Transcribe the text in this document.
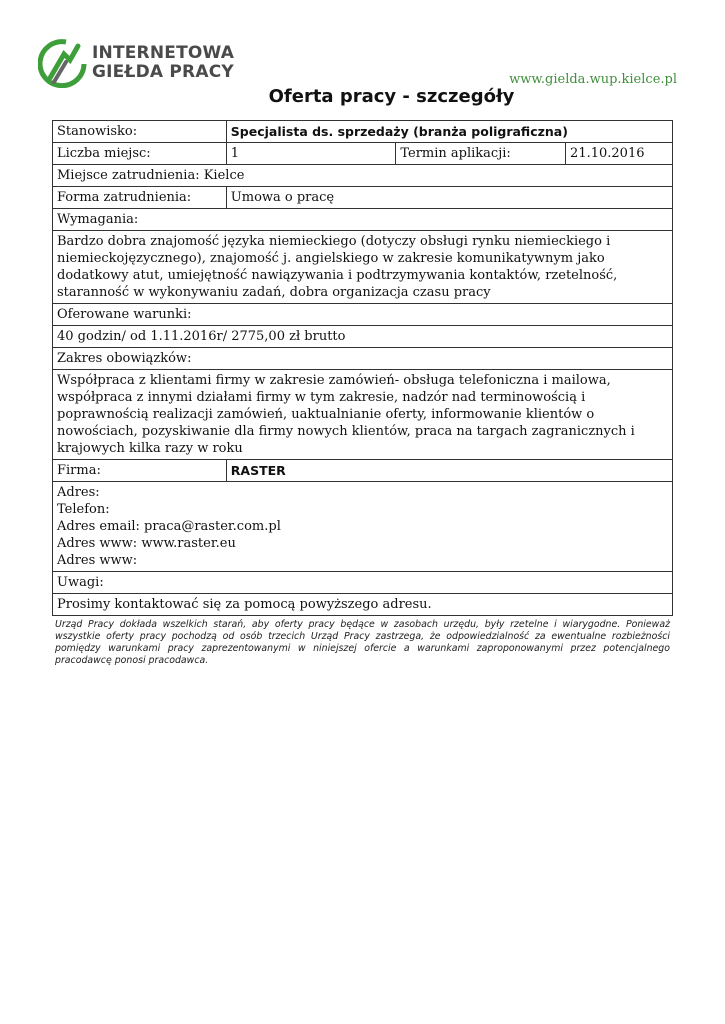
INTERNETOWA
GIEŁDA PRACY	www.gielda.wup.kielce.pl
Oferta pracy - szczegóły
Stanowisko:	Specjalista ds. sprzedaży (branża poligraficzna)		
Liczba miejsc:	1	Termin aplikacji:	21.10.2016
Miejsce zatrudnienia: Kielce			
Forma zatrudnienia:	Umowa o pracę		
Wymagania:			
Bardzo dobra znajomość języka niemieckiego (dotyczy obsługi rynku niemieckiego i niemieckojęzycznego), znajomość j. angielskiego w zakresie komunikatywnym jako dodatkowy atut, umiejętność nawiązywania i podtrzymywania kontaktów, rzetelność, staranność w wykonywaniu zadań, dobra organizacja czasu pracy			
Oferowane warunki:			
40 godzin/ od 1.11.2016r/ 2775,00 zł brutto			
Zakres obowiązków:			
Współpraca z klientami firmy w zakresie zamówień- obsługa telefoniczna i mailowa, współpraca z innymi działami firmy w tym zakresie, nadzór nad terminowością i poprawnością realizacji zamówień, uaktualnianie oferty, informowanie klientów o nowościach, pozyskiwanie dla firmy nowych klientów, praca na targach zagranicznych i krajowych kilka razy w roku			
Firma:	RASTER		

Adres:
Telefon:
Adres email: praca@raster.com.pl
Adres www: www.raster.eu
Adres www:			

Uwagi:			
Prosimy kontaktować się za pomocą powyższego adresu.			
Urząd Pracy dokłada wszelkich starań, aby oferty pracy będące w zasobach urzędu, były rzetelne i wiarygodne. Ponieważ wszystkie oferty pracy pochodzą od osób trzecich Urząd Pracy zastrzega, że odpowiedzialność za ewentualne rozbieżności pomiędzy warunkami pracy zaprezentowanymi w niniejszej ofercie a warunkami zaproponowanymi przez potencjalnego pracodawcę ponosi pracodawca.
